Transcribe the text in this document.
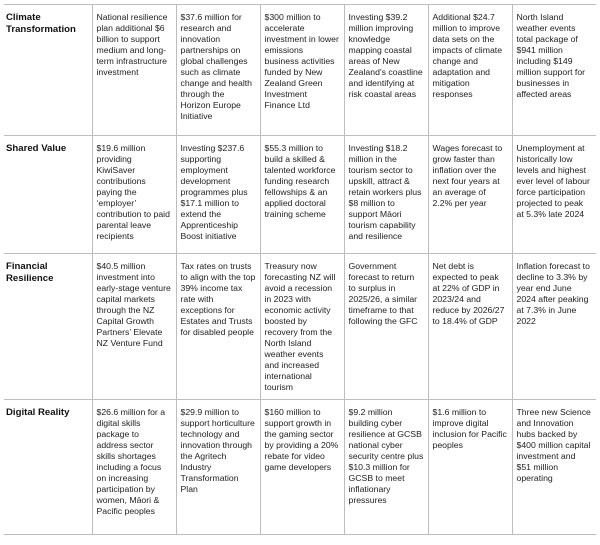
Climate Transformation	National resilience plan additional $6 billion to support medium and long-term infrastructure investment	$37.6 million for research and innovation partnerships on global challenges such as climate change and health through the Horizon Europe Initiative	$300 million to accelerate investment in lower emissions business activities funded by New Zealand Green Investment Finance Ltd	Investing $39.2 million improving knowledge mapping coastal areas of New Zealand’s coastline and identifying at risk coastal areas	Additional $24.7 million to improve data sets on the impacts of climate change and adaptation and mitigation responses	North Island weather events total package of $941 million including $149 million support for businesses in affected areas
Shared Value	$19.6 million providing KiwiSaver contributions paying the ‘employer’ contribution to paid parental leave recipients	Investing $237.6 supporting employment development programmes plus $17.1 million to extend the Apprenticeship Boost initiative	$55.3 million to build a skilled & talented workforce funding research fellowships & an applied doctoral training scheme	Investing $18.2 million in the tourism sector to upskill, attract & retain workers plus $8 million to support Māori tourism capability and resilience	Wages forecast to grow faster than inflation over the next four years at an average of 2.2% per year	Unemployment at historically low levels and highest ever level of labour force participation projected to peak at 5.3% late 2024
Financial Resilience	$40.5 million investment into early-stage venture capital markets through the NZ Capital Growth Partners’ Elevate NZ Venture Fund	Tax rates on trusts to align with the top 39% income tax rate with exceptions for Estates and Trusts for disabled people	Treasury now forecasting NZ will avoid a recession in 2023 with economic activity boosted by recovery from the North Island weather events and increased international tourism	Government forecast to return to surplus in 2025/26, a similar timeframe to that following the GFC	Net debt is expected to peak at 22% of GDP in 2023/24 and reduce by 2026/27 to 18.4% of GDP	Inflation forecast to decline to 3.3% by year end June 2024 after peaking at 7.3% in June 2022
Digital Reality	$26.6 million for a digital skills package to address sector skills shortages including a focus on increasing participation by women, Māori & Pacific peoples	$29.9 million to support horticulture technology and innovation through the Agritech Industry Transformation Plan	$160 million to support growth in the gaming sector by providing a 20% rebate for video game developers	$9.2 million building cyber resilience at GCSB national cyber security centre plus $10.3 million for GCSB to meet inflationary pressures	$1.6 million to improve digital inclusion for Pacific peoples	Three new Science and Innovation hubs backed by $400 million capital investment and $51 million operating
